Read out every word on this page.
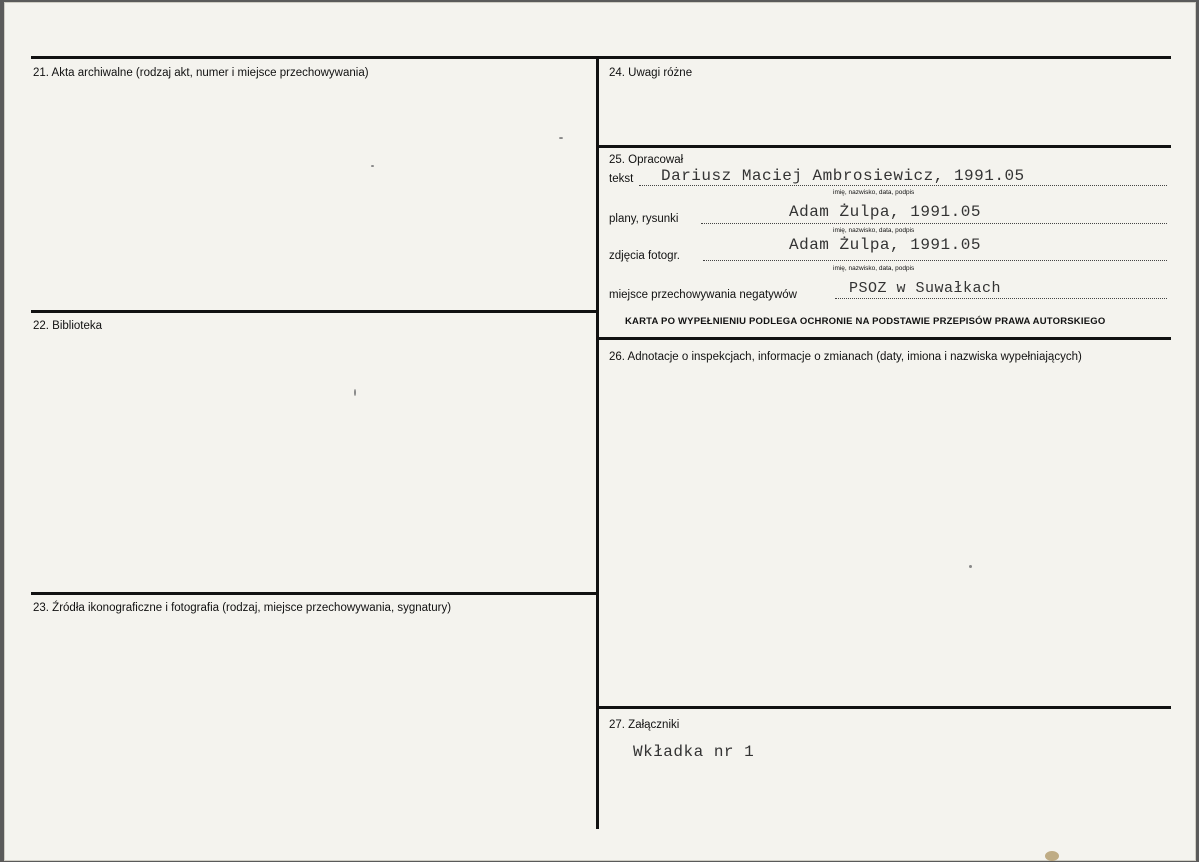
21. Akta archiwalne (rodzaj akt, numer i miejsce przechowywania)
22. Biblioteka
23. Źródła ikonograficzne i fotografia (rodzaj, miejsce przechowywania, sygnatury)
24. Uwagi różne
25. Opracował
tekst Dariusz Maciej Ambrosiewicz, 1991.05
imię, nazwisko, data, podpis
plany, rysunki	Adam Żulpa, 1991.05
imię, nazwisko, data, podpis
zdjęcia fotogr.
Adam Żulpa, 1991.05
imię, nazwisko, data, podpis
miejsce przechowywania negatywów	PSOZ w Suwałkach
KARTA PO WYPEŁNIENIU PODLEGA OCHRONIE NA PODSTAWIE PRZEPISÓW PRAWA AUTORSKIEGO
26. Adnotacje o inspekcjach, informacje o zmianach (daty, imiona i nazwiska wypełniających)
27. Załączniki
Wkładka nr 1
